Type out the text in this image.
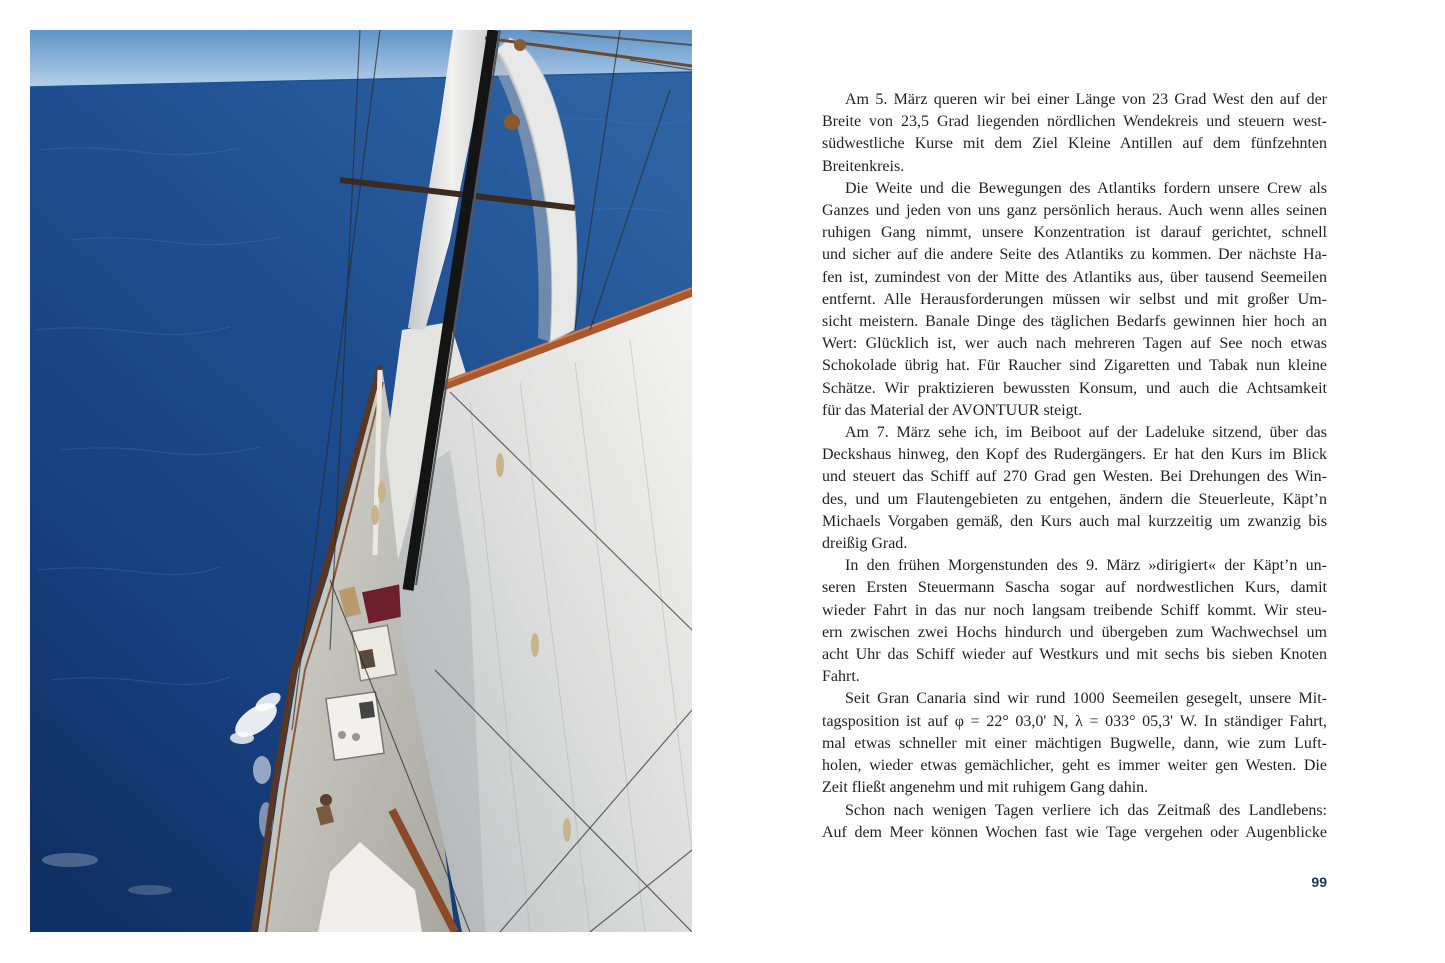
Am 5. März queren wir bei einer Länge von 23 Grad West den auf der
Breite von 23,5 Grad liegenden nördlichen Wendekreis und steuern west-
südwestliche Kurse mit dem Ziel Kleine Antillen auf dem fünfzehnten
Breitenkreis.
Die Weite und die Bewegungen des Atlantiks fordern unsere Crew als
Ganzes und jeden von uns ganz persönlich heraus. Auch wenn alles seinen
ruhigen Gang nimmt, unsere Konzentration ist darauf gerichtet, schnell
und sicher auf die andere Seite des Atlantiks zu kommen. Der nächste Ha-
fen ist, zumindest von der Mitte des Atlantiks aus, über tausend Seemeilen
entfernt. Alle Herausforderungen müssen wir selbst und mit großer Um-
sicht meistern. Banale Dinge des täglichen Bedarfs gewinnen hier hoch an
Wert: Glücklich ist, wer auch nach mehreren Tagen auf See noch etwas
Schokolade übrig hat. Für Raucher sind Zigaretten und Tabak nun kleine
Schätze. Wir praktizieren bewussten Konsum, und auch die Achtsamkeit
für das Material der AVONTUUR steigt.
Am 7. März sehe ich, im Beiboot auf der Ladeluke sitzend, über das
Deckshaus hinweg, den Kopf des Rudergängers. Er hat den Kurs im Blick
und steuert das Schiff auf 270 Grad gen Westen. Bei Drehungen des Win-
des, und um Flautengebieten zu entgehen, ändern die Steuerleute, Käpt’n
Michaels Vorgaben gemäß, den Kurs auch mal kurzzeitig um zwanzig bis
dreißig Grad.
In den frühen Morgenstunden des 9. März »dirigiert« der Käpt’n un-
seren Ersten Steuermann Sascha sogar auf nordwestlichen Kurs, damit
wieder Fahrt in das nur noch langsam treibende Schiff kommt. Wir steu-
ern zwischen zwei Hochs hindurch und übergeben zum Wachwechsel um
acht Uhr das Schiff wieder auf Westkurs und mit sechs bis sieben Knoten
Fahrt.
Seit Gran Canaria sind wir rund 1000 Seemeilen gesegelt, unsere Mit-
tagsposition ist auf φ = 22° 03,0' N, λ = 033° 05,3' W. In ständiger Fahrt,
mal etwas schneller mit einer mächtigen Bugwelle, dann, wie zum Luft-
holen, wieder etwas gemächlicher, geht es immer weiter gen Westen. Die
Zeit fließt angenehm und mit ruhigem Gang dahin.
Schon nach wenigen Tagen verliere ich das Zeitmaß des Landlebens:
Auf dem Meer können Wochen fast wie Tage vergehen oder Augenblicke
99
